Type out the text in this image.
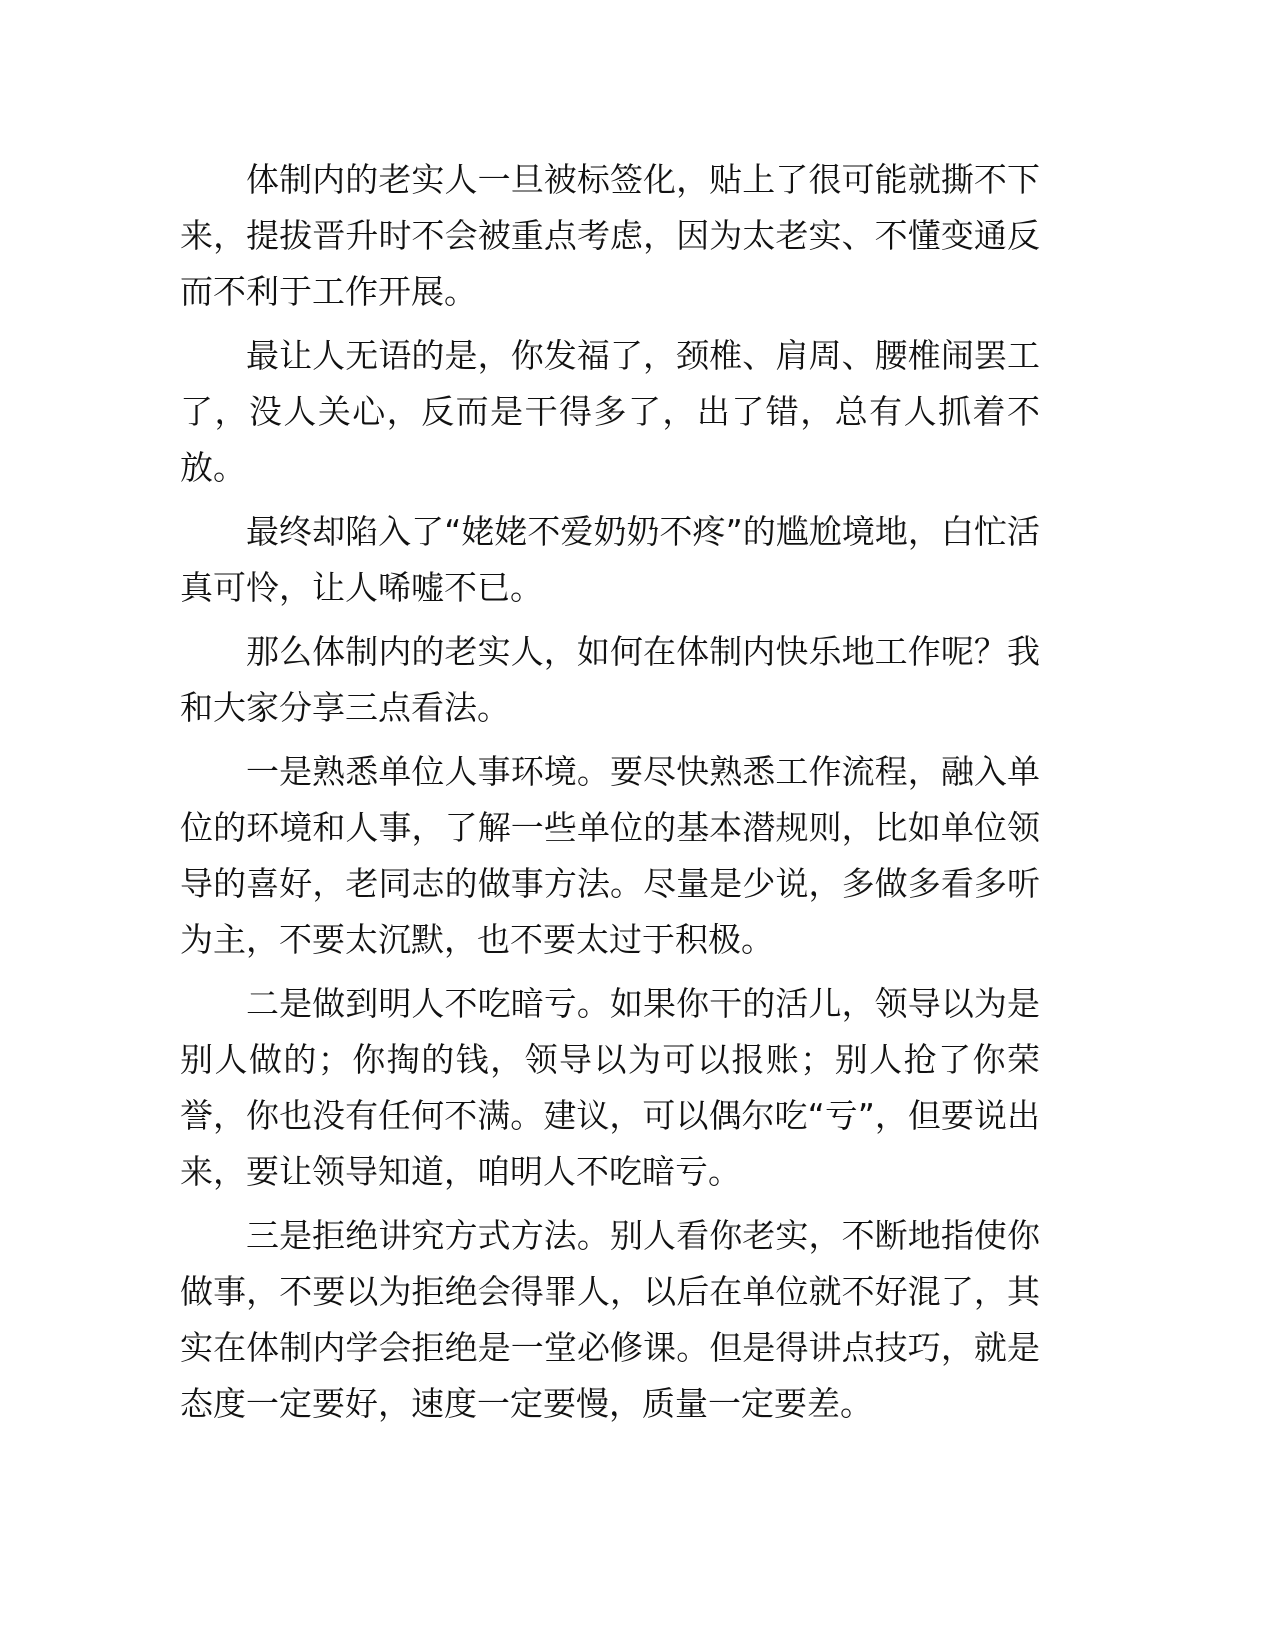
体制内的老实人一旦被标签化，贴上了很可能就撕不下来，提拔晋升时不会被重点考虑，因为太老实、不懂变通反而不利于工作开展。

最让人无语的是，你发福了，颈椎、肩周、腰椎闹罢工了，没人关心，反而是干得多了，出了错，总有人抓着不放。

最终却陷入了“姥姥不爱奶奶不疼”的尴尬境地，白忙活真可怜，让人唏嘘不已。

那么体制内的老实人，如何在体制内快乐地工作呢？我和大家分享三点看法。

一是熟悉单位人事环境。要尽快熟悉工作流程，融入单位的环境和人事，了解一些单位的基本潜规则，比如单位领导的喜好，老同志的做事方法。尽量是少说，多做多看多听为主，不要太沉默，也不要太过于积极。

二是做到明人不吃暗亏。如果你干的活儿，领导以为是别人做的；你掏的钱，领导以为可以报账；别人抢了你荣誉，你也没有任何不满。建议，可以偶尔吃“亏”，但要说出来，要让领导知道，咱明人不吃暗亏。

三是拒绝讲究方式方法。别人看你老实，不断地指使你做事，不要以为拒绝会得罪人，以后在单位就不好混了，其实在体制内学会拒绝是一堂必修课。但是得讲点技巧，就是态度一定要好，速度一定要慢，质量一定要差。
